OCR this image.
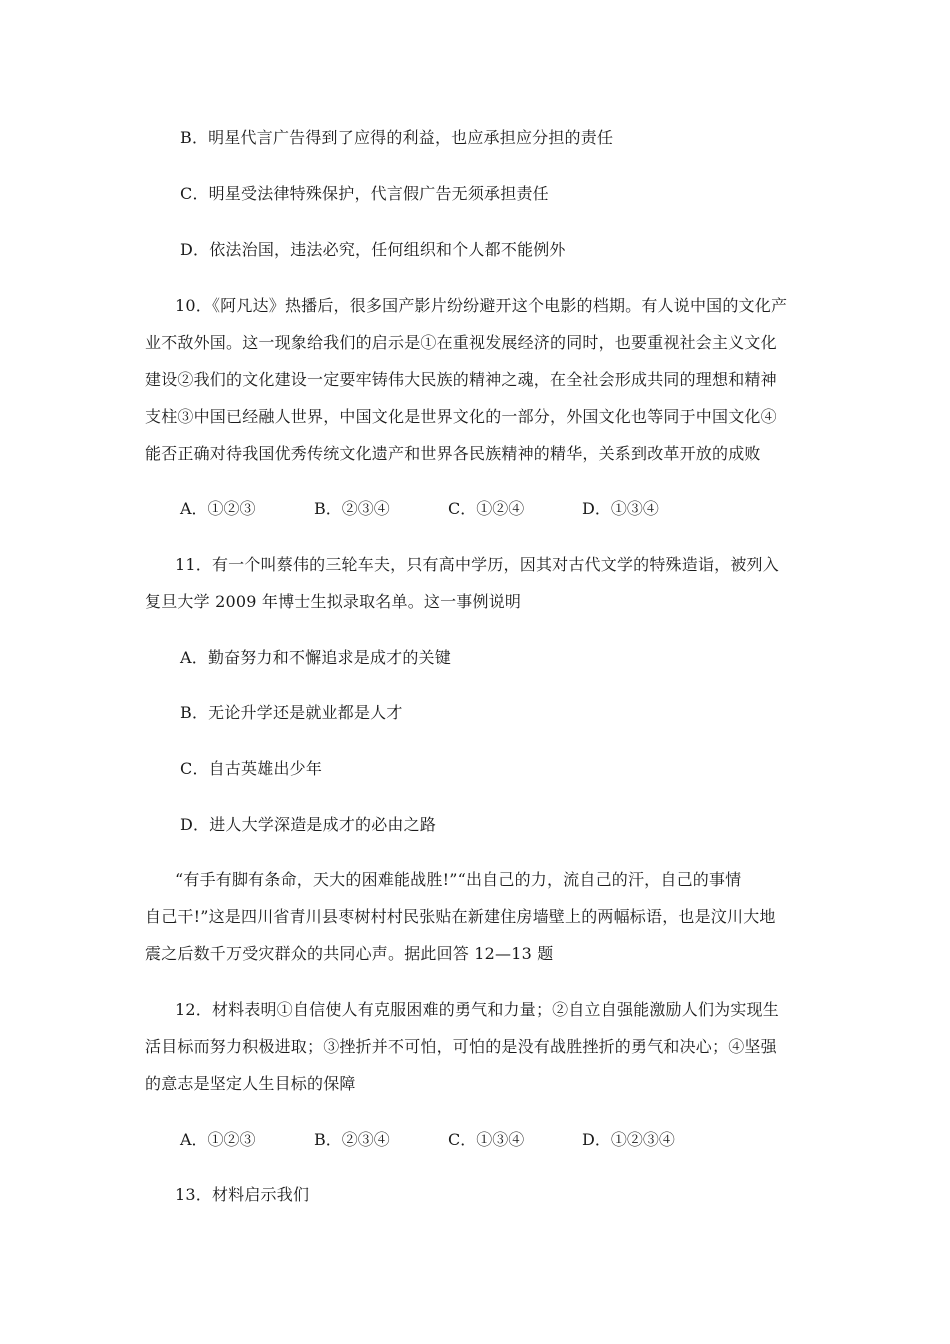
B．明星代言广告得到了应得的利益，也应承担应分担的责任
C．明星受法律特殊保护，代言假广告无须承担责任
D．依法治国，违法必究，任何组织和个人都不能例外
10．《阿凡达》热播后，很多国产影片纷纷避开这个电影的档期。有人说中国的文化产
业不敌外国。这一现象给我们的启示是①在重视发展经济的同时，也要重视社会主义文化
建设②我们的文化建设一定要牢铸伟大民族的精神之魂，在全社会形成共同的理想和精神
支柱③中国已经融人世界，中国文化是世界文化的一部分，外国文化也等同于中国文化④
能否正确对待我国优秀传统文化遗产和世界各民族精神的精华，关系到改革开放的成败
A．①②③	B．②③④	C．①②④	D．①③④
11．有一个叫蔡伟的三轮车夫，只有高中学历，因其对古代文学的特殊造诣，被列入
复旦大学 2009 年博士生拟录取名单。这一事例说明
A．勤奋努力和不懈追求是成才的关键
B．无论升学还是就业都是人才
C．自古英雄出少年
D．进人大学深造是成才的必由之路
“有手有脚有条命，天大的困难能战胜!”“出自己的力，流自己的汗，自己的事情
自己干!”这是四川省青川县枣树村村民张贴在新建住房墙壁上的两幅标语，也是汶川大地
震之后数千万受灾群众的共同心声。据此回答 12—13 题
12．材料表明①自信使人有克服困难的勇气和力量；②自立自强能激励人们为实现生
活目标而努力积极进取；③挫折并不可怕，可怕的是没有战胜挫折的勇气和决心；④坚强
的意志是坚定人生目标的保障
A．①②③	B．②③④	C．①③④	D．①②③④
13．材料启示我们
